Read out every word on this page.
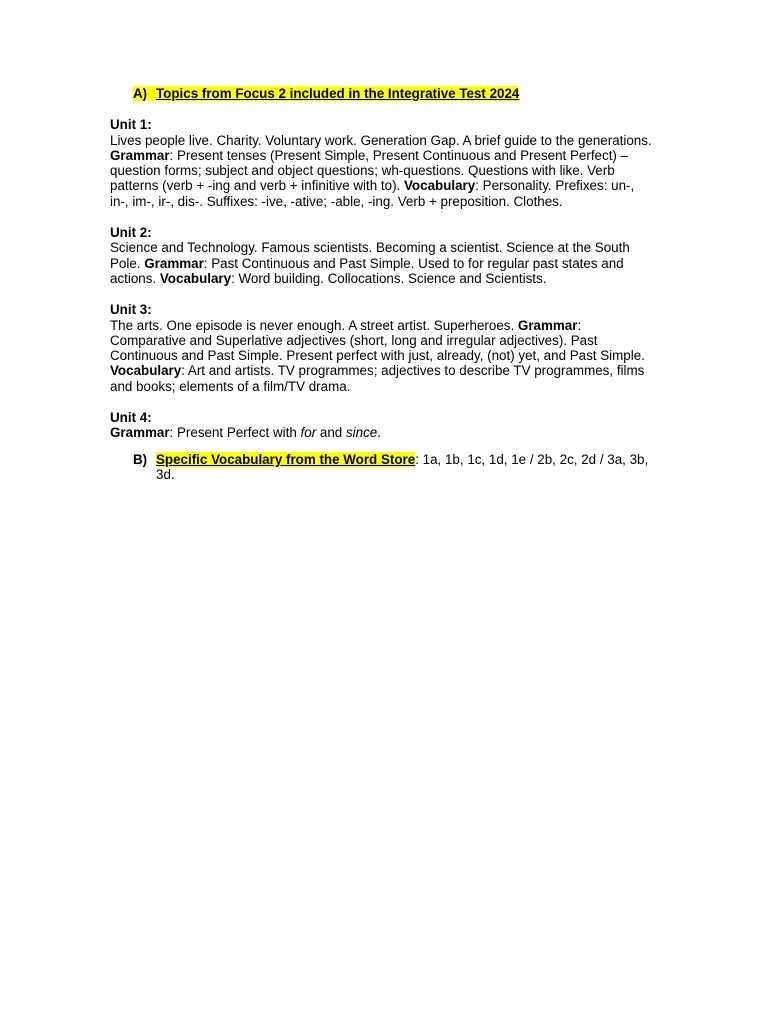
A) Topics from Focus 2 included in the Integrative Test 2024
Unit 1:
Lives people live. Charity. Voluntary work. Generation Gap. A brief guide to the generations. Grammar: Present tenses (Present Simple, Present Continuous and Present Perfect) – question forms; subject and object questions; wh-questions. Questions with like. Verb patterns (verb + -ing and verb + infinitive with to). Vocabulary: Personality. Prefixes: un-, in-, im-, ir-, dis-. Suffixes: -ive, -ative; -able, -ing. Verb + preposition. Clothes.
Unit 2:
Science and Technology. Famous scientists. Becoming a scientist. Science at the South Pole. Grammar: Past Continuous and Past Simple. Used to for regular past states and actions. Vocabulary: Word building. Collocations. Science and Scientists.
Unit 3:
The arts. One episode is never enough. A street artist. Superheroes. Grammar: Comparative and Superlative adjectives (short, long and irregular adjectives). Past Continuous and Past Simple. Present perfect with just, already, (not) yet, and Past Simple. Vocabulary: Art and artists. TV programmes; adjectives to describe TV programmes, films and books; elements of a film/TV drama.
Unit 4:
Grammar: Present Perfect with for and since.
B) Specific Vocabulary from the Word Store: 1a, 1b, 1c, 1d, 1e / 2b, 2c, 2d / 3a, 3b, 3d.
